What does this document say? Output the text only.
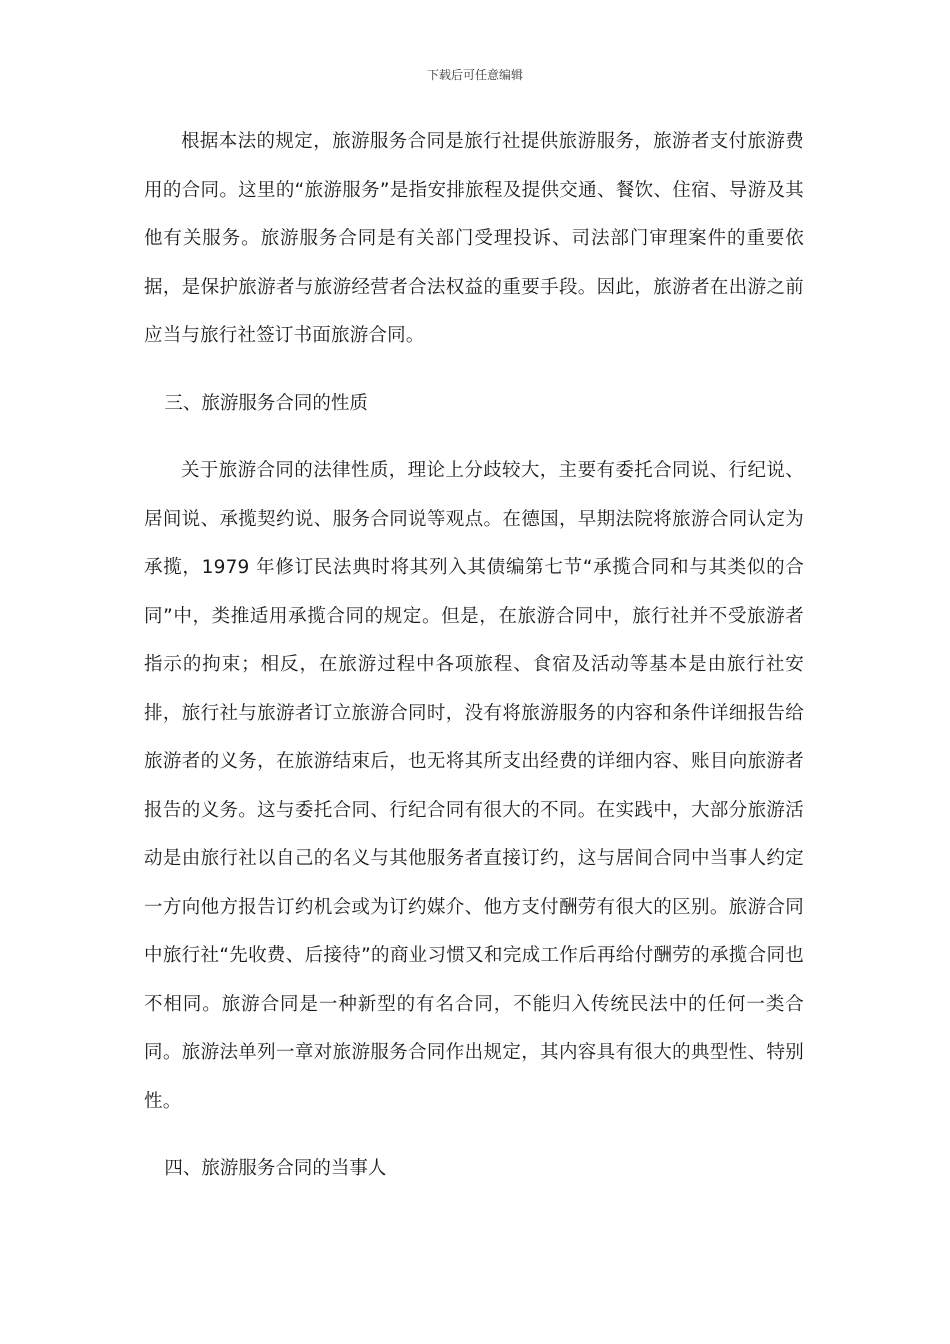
下载后可任意编辑

根据本法的规定，旅游服务合同是旅行社提供旅游服务，旅游者支付旅游费用的合同。这里的“旅游服务”是指安排旅程及提供交通、餐饮、住宿、导游及其他有关服务。旅游服务合同是有关部门受理投诉、司法部门审理案件的重要依据，是保护旅游者与旅游经营者合法权益的重要手段。因此，旅游者在出游之前应当与旅行社签订书面旅游合同。

三、旅游服务合同的性质

关于旅游合同的法律性质，理论上分歧较大，主要有委托合同说、行纪说、居间说、承揽契约说、服务合同说等观点。在德国，早期法院将旅游合同认定为承揽，1979 年修订民法典时将其列入其债编第七节“承揽合同和与其类似的合同”中，类推适用承揽合同的规定。但是，在旅游合同中，旅行社并不受旅游者指示的拘束；相反，在旅游过程中各项旅程、食宿及活动等基本是由旅行社安排，旅行社与旅游者订立旅游合同时，没有将旅游服务的内容和条件详细报告给旅游者的义务，在旅游结束后，也无将其所支出经费的详细内容、账目向旅游者报告的义务。这与委托合同、行纪合同有很大的不同。在实践中，大部分旅游活动是由旅行社以自己的名义与其他服务者直接订约，这与居间合同中当事人约定一方向他方报告订约机会或为订约媒介、他方支付酬劳有很大的区别。旅游合同中旅行社“先收费、后接待”的商业习惯又和完成工作后再给付酬劳的承揽合同也不相同。旅游合同是一种新型的有名合同，不能归入传统民法中的任何一类合同。旅游法单列一章对旅游服务合同作出规定，其内容具有很大的典型性、特别性。

四、旅游服务合同的当事人
